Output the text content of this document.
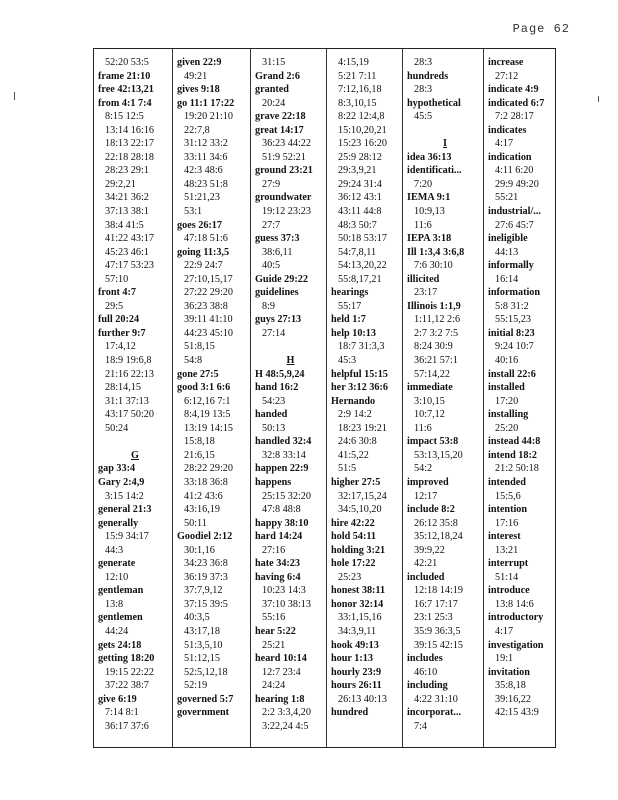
Page 62
52:20 53:5
frame 21:10
free 42:13,21
from 4:1 7:4
8:15 12:5
13:14 16:16
18:13 22:17
22:18 28:18
28:23 29:1
29:2,21
34:21 36:2
37:13 38:1
38:4 41:5
41:22 43:17
45:23 46:1
47:17 53:23
57:10
front 4:7
29:5
full 20:24
further 9:7
17:4,12
18:9 19:6,8
21:16 22:13
28:14,15
31:1 37:13
43:17 50:20
50:24
G
gap 33:4
Gary 2:4,9
3:15 14:2
general 21:3
generally
15:9 34:17
44:3
generate
12:10
gentleman
13:8
gentlemen
44:24
gets 24:18
getting 18:20
19:15 22:22
37:22 38:7
give 6:19
7:14 8:1
36:17 37:6
given 22:9
49:21
gives 9:18
go 11:1 17:22
19:20 21:10
22:7,8
31:12 33:2
33:11 34:6
42:3 48:6
48:23 51:8
51:21,23
53:1
goes 26:17
47:18 51:6
going 11:3,5
22:9 24:7
27:10,15,17
27:22 29:20
36:23 38:8
39:11 41:10
44:23 45:10
51:8,15
54:8
gone 27:5
good 3:1 6:6
6:12,16 7:1
8:4,19 13:5
13:19 14:15
15:8,18
21:6,15
28:22 29:20
33:18 36:8
41:2 43:6
43:16,19
50:11
Goodiel 2:12
30:1,16
34:23 36:8
36:19 37:3
37:7,9,12
37:15 39:5
40:3,5
43:17,18
51:3,5,10
51:12,15
52:5,12,18
52:19
governed 5:7
government
31:15
Grand 2:6
granted
20:24
grave 22:18
great 14:17
36:23 44:22
51:9 52:21
ground 23:21
27:9
groundwater
19:12 23:23
27:7
guess 37:3
38:6,11
40:5
Guide 29:22
guidelines
8:9
guys 27:13
27:14
H
H 48:5,9,24
hand 16:2
54:23
handed
50:13
handled 32:4
32:8 33:14
happen 22:9
happens
25:15 32:20
47:8 48:8
happy 38:10
hard 14:24
27:16
hate 34:23
having 6:4
10:23 14:3
37:10 38:13
55:16
hear 5:22
25:21
heard 10:14
12:7 23:4
24:24
hearing 1:8
2:2 3:3,4,20
3:22,24 4:5
4:15,19
5:21 7:11
7:12,16,18
8:3,10,15
8:22 12:4,8
15:10,20,21
15:23 16:20
25:9 28:12
29:3,9,21
29:24 31:4
36:12 43:1
43:11 44:8
48:3 50:7
50:18 53:17
54:7,8,11
54:13,20,22
55:8,17,21
hearings
55:17
held 1:7
help 10:13
18:7 31:3,3
45:3
helpful 15:15
her 3:12 36:6
Hernando
2:9 14:2
18:23 19:21
24:6 30:8
41:5,22
51:5
higher 27:5
32:17,15,24
34:5,10,20
hire 42:22
hold 54:11
holding 3:21
hole 17:22
25:23
honest 38:11
honor 32:14
33:1,15,16
34:3,9,11
hook 49:13
hour 1:13
hourly 23:9
hours 26:11
26:13 40:13
hundred
28:3
hundreds
28:3
hypothetical
45:5
I
idea 36:13
identificati...
7:20
IEMA 9:1
10:9,13
11:6
IEPA 3:18
Ill 1:3,4 3:6,8
7:6 30:10
illicited
23:17
Illinois 1:1,9
1:11,12 2:6
2:7 3:2 7:5
8:24 30:9
36:21 57:1
57:14,22
immediate
3:10,15
10:7,12
11:6
impact 53:8
53:13,15,20
54:2
improved
12:17
include 8:2
26:12 35:8
35:12,18,24
39:9,22
42:21
included
12:18 14:19
16:7 17:17
23:1 25:3
35:9 36:3,5
39:15 42:15
includes
46:10
including
4:22 31:10
incorporat...
7:4
increase
27:12
indicate 4:9
indicated 6:7
7:2 28:17
indicates
4:17
indication
4:11 6:20
29:9 49:20
55:21
industrial/...
27:6 45:7
ineligible
44:13
informally
16:14
information
5:8 31:2
55:15,23
initial 8:23
9:24 10:7
40:16
install 22:6
installed
17:20
installing
25:20
instead 44:8
intend 18:2
21:2 50:18
intended
15:5,6
intention
17:16
interest
13:21
interrupt
51:14
introduce
13:8 14:6
introductory
4:17
investigation
19:1
invitation
35:8,18
39:16,22
42:15 43:9
